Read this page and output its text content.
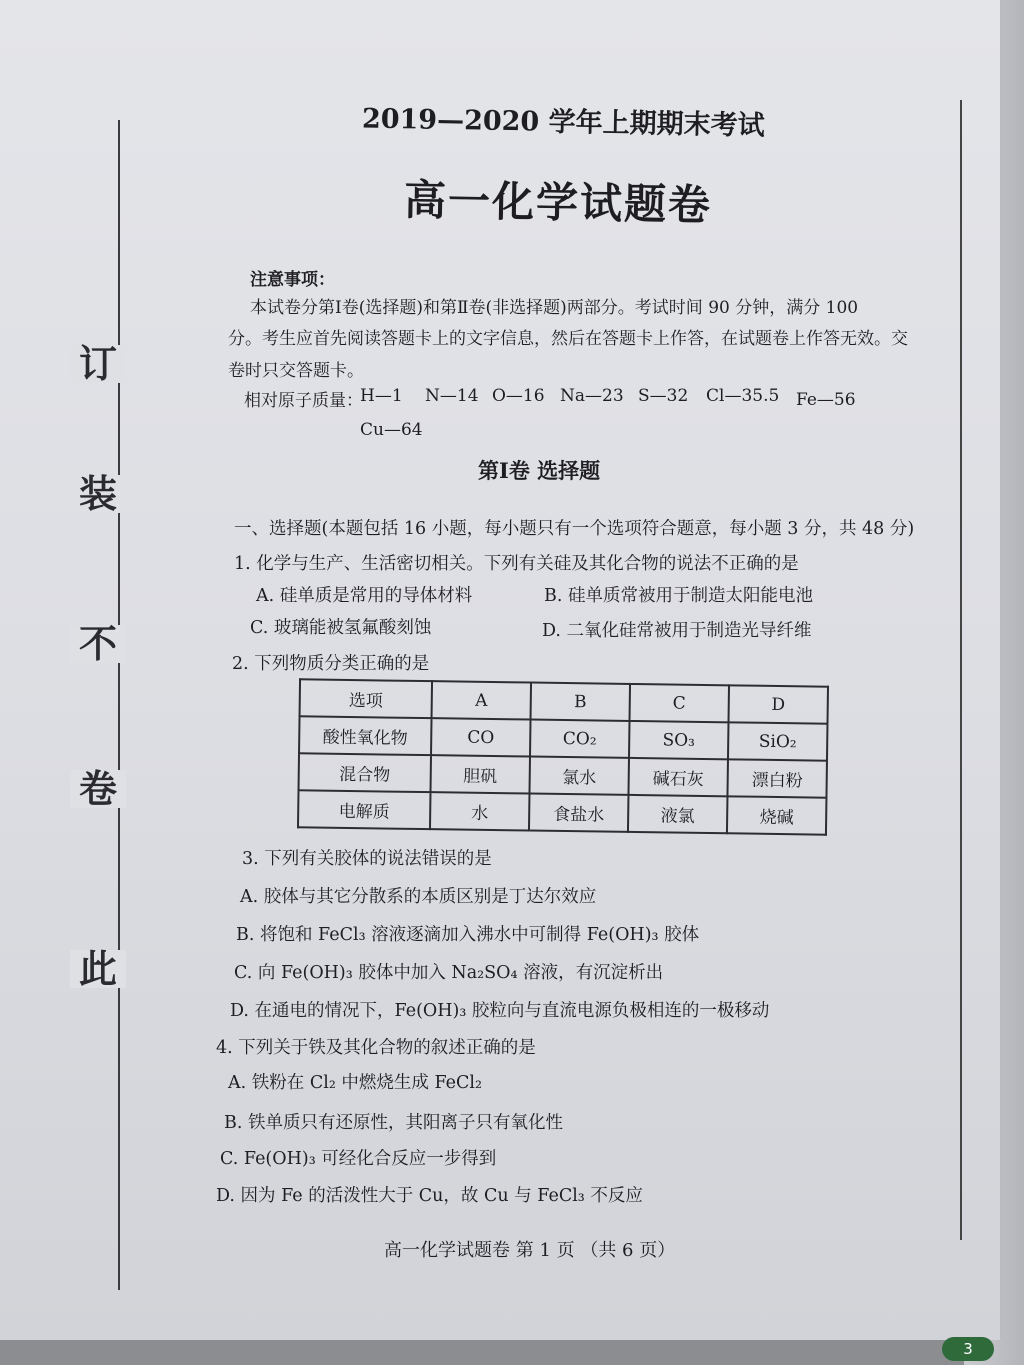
此
卷
不
装
订
2019—2020 学年上期期末考试
高一化学试题卷
注意事项：
本试卷分第Ⅰ卷(选择题)和第Ⅱ卷(非选择题)两部分。考试时间 90 分钟，满分 100
分。考生应首先阅读答题卡上的文字信息，然后在答题卡上作答，在试题卷上作答无效。交
卷时只交答题卡。
相对原子质量：
H—1 N—14 O—16 Na—23 S—32 Cl—35.5 Fe—56
Cu—64
第Ⅰ卷 选择题
一、选择题(本题包括 16 小题，每小题只有一个选项符合题意，每小题 3 分，共 48 分)
1. 化学与生产、生活密切相关。下列有关硅及其化合物的说法不正确的是
A. 硅单质是常用的导体材料	B. 硅单质常被用于制造太阳能电池
C. 玻璃能被氢氟酸刻蚀	D. 二氧化硅常被用于制造光导纤维
2. 下列物质分类正确的是
选项	A	B	C	D
酸性氧化物	CO	CO₂	SO₃	SiO₂
混合物	胆矾	氯水	碱石灰	漂白粉
电解质	水	食盐水	液氯	烧碱
3. 下列有关胶体的说法错误的是
A. 胶体与其它分散系的本质区别是丁达尔效应
B. 将饱和 FeCl₃ 溶液逐滴加入沸水中可制得 Fe(OH)₃ 胶体
C. 向 Fe(OH)₃ 胶体中加入 Na₂SO₄ 溶液，有沉淀析出
D. 在通电的情况下，Fe(OH)₃ 胶粒向与直流电源负极相连的一极移动
4. 下列关于铁及其化合物的叙述正确的是
A. 铁粉在 Cl₂ 中燃烧生成 FeCl₂
B. 铁单质只有还原性，其阳离子只有氧化性
C. Fe(OH)₃ 可经化合反应一步得到
D. 因为 Fe 的活泼性大于 Cu，故 Cu 与 FeCl₃ 不反应
高一化学试题卷 第 1 页 （共 6 页）
3
